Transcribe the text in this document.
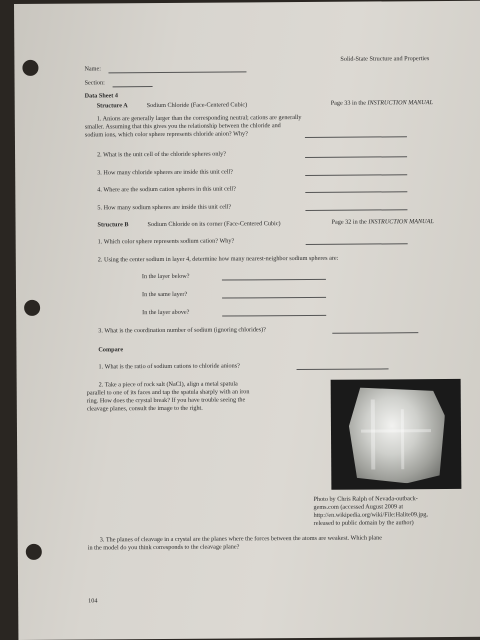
Solid-State Structure and Properties
Name:
Section:
Data Sheet 4
Structure A	Sodium Chloride (Face-Centered Cubic)	Page 33 in the INSTRUCTION MANUAL
1. Anions are generally larger than the corresponding neutral; cations are generally
smaller. Assuming that this gives you the relationship between the chloride and
sodium ions, which color sphere represents chloride anion? Why?
2. What is the unit cell of the chloride spheres only?
3. How many chloride spheres are inside this unit cell?
4. Where are the sodium cation spheres in this unit cell?
5. How many sodium spheres are inside this unit cell?
Structure B	Sodium Chloride on its corner (Face-Centered Cubic)	Page 32 in the INSTRUCTION MANUAL
1. Which color sphere represents sodium cation? Why?
2. Using the center sodium in layer 4, determine how many nearest-neighbor sodium spheres are:
In the layer below?
In the same layer?
In the layer above?
3. What is the coordination number of sodium (ignoring chlorides)?
Compare
1. What is the ratio of sodium cations to chloride anions?
2. Take a piece of rock salt (NaCl), align a metal spatula
parallel to one of its faces and tap the spatula sharply with an iron
ring. How does the crystal break? If you have trouble seeing the
cleavage planes, consult the image to the right.
Photo by Chris Ralph of Nevada-outback-
gems.com (accessed August 2009 at
http://en.wikipedia.org/wiki/File:Halite09.jpg,
released to public domain by the author)
3. The planes of cleavage in a crystal are the planes where the forces between the atoms are weakest. Which plane
in the model do you think corresponds to the cleavage plane?
104
